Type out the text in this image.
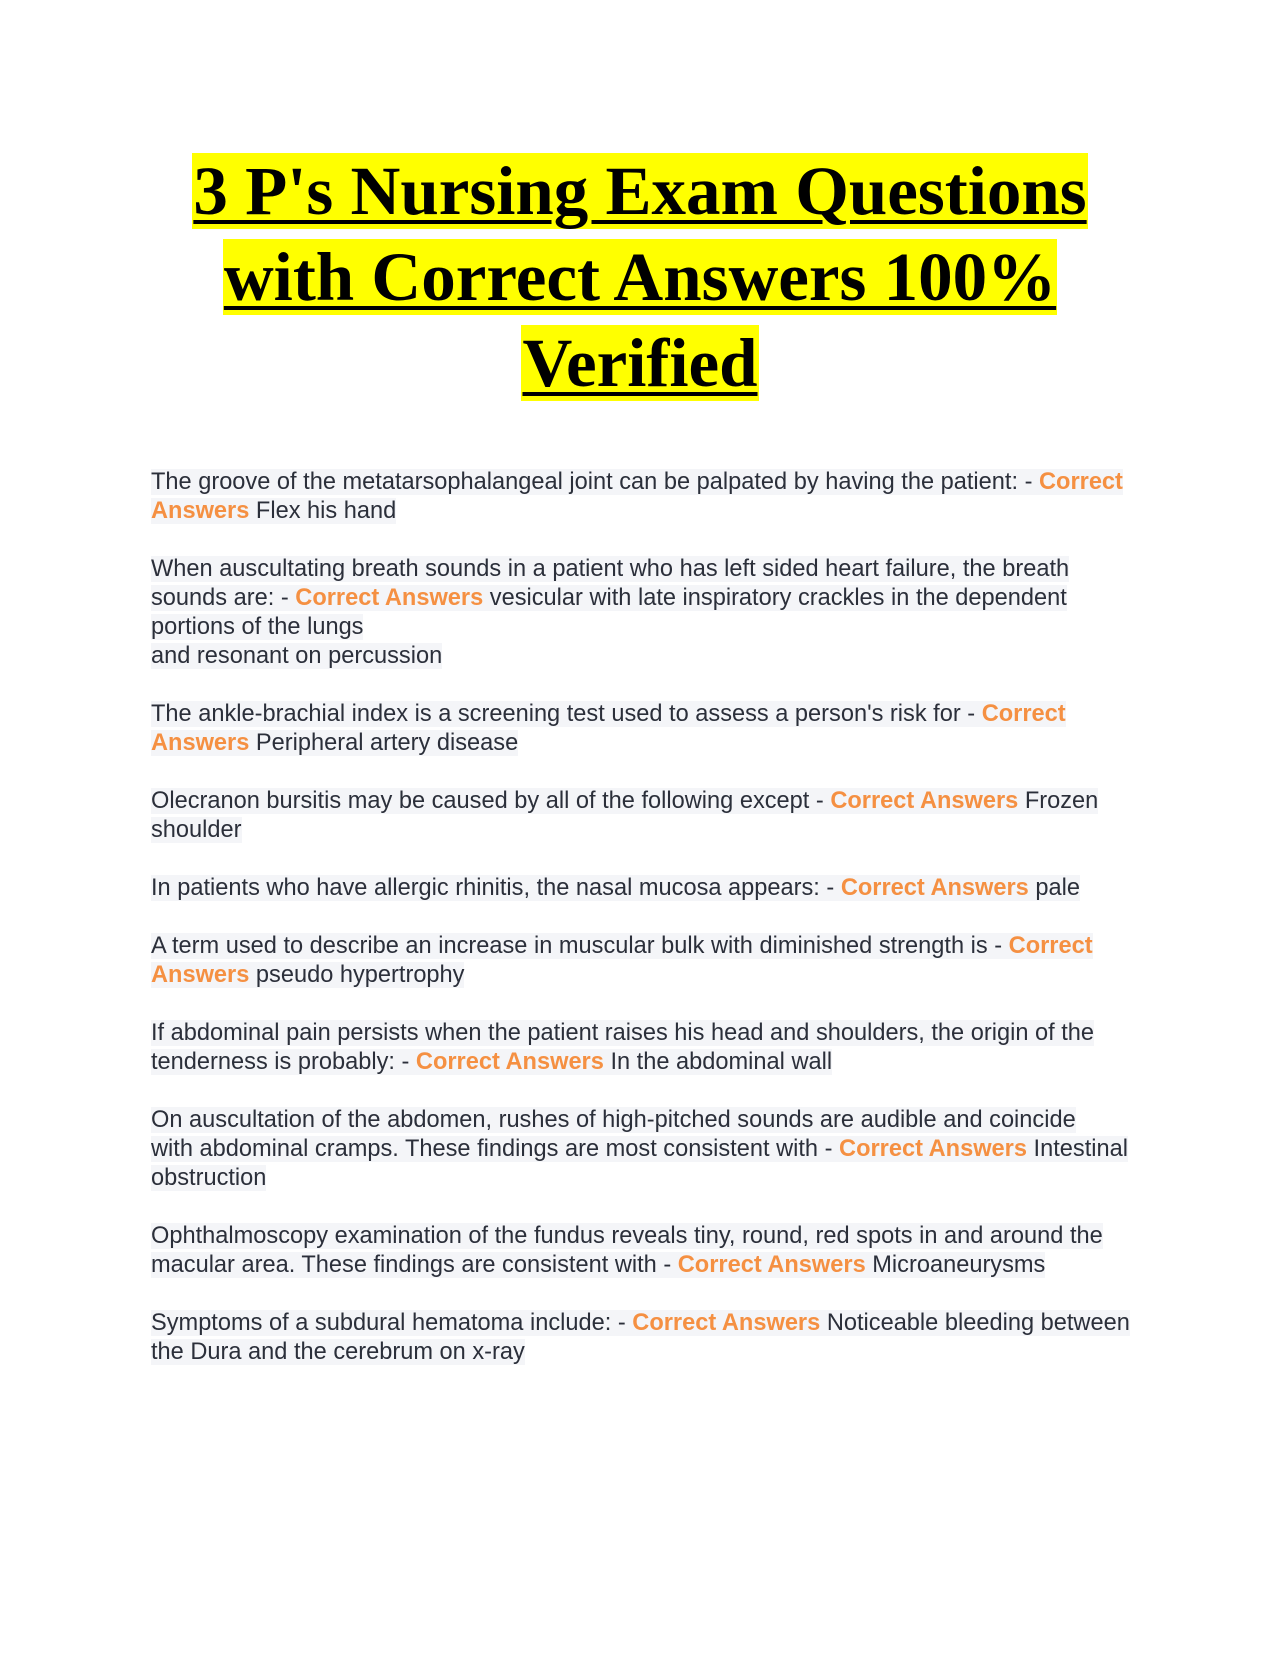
3 P's Nursing Exam Questions
with Correct Answers 100%
Verified
The groove of the metatarsophalangeal joint can be palpated by having the patient: - Correct Answers Flex his hand
When auscultating breath sounds in a patient who has left sided heart failure, the breath sounds are: - Correct Answers vesicular with late inspiratory crackles in the dependent portions of the lungs
and resonant on percussion
The ankle-brachial index is a screening test used to assess a person's risk for - Correct Answers Peripheral artery disease
Olecranon bursitis may be caused by all of the following except - Correct Answers Frozen shoulder
In patients who have allergic rhinitis, the nasal mucosa appears: - Correct Answers pale
A term used to describe an increase in muscular bulk with diminished strength is - Correct Answers pseudo hypertrophy
If abdominal pain persists when the patient raises his head and shoulders, the origin of the tenderness is probably: - Correct Answers In the abdominal wall
On auscultation of the abdomen, rushes of high-pitched sounds are audible and coincide
with abdominal cramps. These findings are most consistent with - Correct Answers Intestinal obstruction
Ophthalmoscopy examination of the fundus reveals tiny, round, red spots in and around the macular area. These findings are consistent with - Correct Answers Microaneurysms
Symptoms of a subdural hematoma include: - Correct Answers Noticeable bleeding between the Dura and the cerebrum on x-ray
